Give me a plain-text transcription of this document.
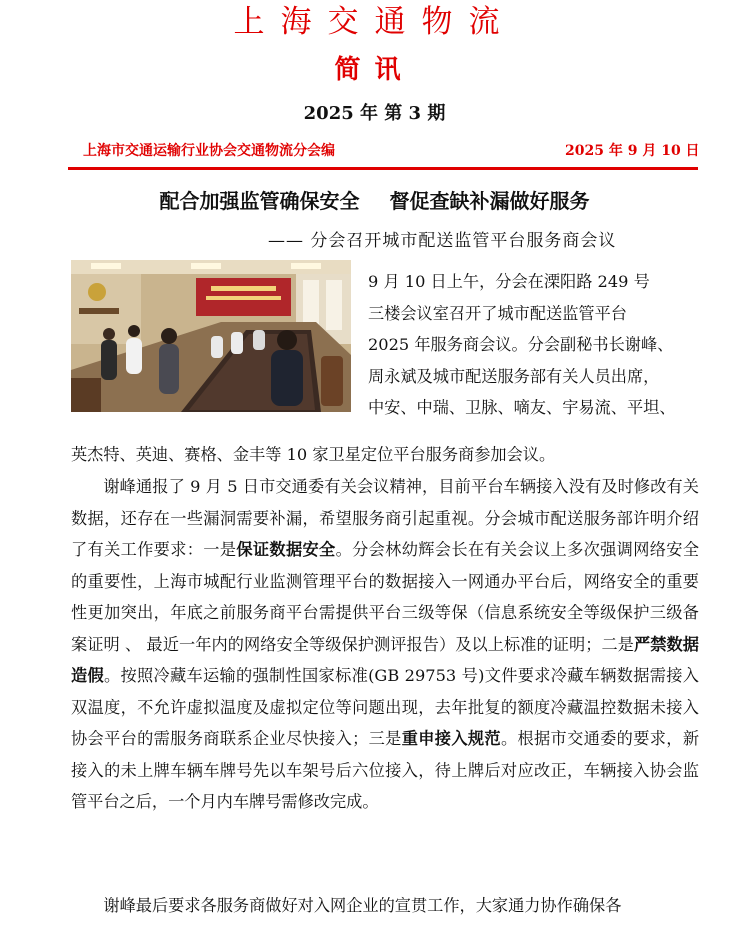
上海交通物流
简讯
2025 年 第 3 期
上海市交通运输行业协会交通物流分会编	2025 年 9 月 10 日
配合加强监管确保安全 督促查缺补漏做好服务
—— 分会召开城市配送监管平台服务商会议
9 月 10 日上午，分会在溧阳路 249 号
三楼会议室召开了城市配送监管平台
2025 年服务商会议。分会副秘书长谢峰、
周永斌及城市配送服务部有关人员出席，
中安、中瑞、卫脉、嘀友、宇易流、平坦、
英杰特、英迪、赛格、金丰等 10 家卫星定位平台服务商参加会议。
谢峰通报了 9 月 5 日市交通委有关会议精神，目前平台车辆接入没有及时修改有关数据，还存在一些漏洞需要补漏，希望服务商引起重视。分会城市配送服务部许明介绍了有关工作要求：一是保证数据安全。分会林幼辉会长在有关会议上多次强调网络安全的重要性，上海市城配行业监测管理平台的数据接入一网通办平台后，网络安全的重要性更加突出，年底之前服务商平台需提供平台三级等保（信息系统安全等级保护三级备案证明 、 最近一年内的网络安全等级保护测评报告）及以上标准的证明；二是严禁数据造假。按照冷藏车运输的强制性国家标准(GB 29753 号)文件要求冷藏车辆数据需接入双温度，不允许虚拟温度及虚拟定位等问题出现，去年批复的额度冷藏温控数据未接入协会平台的需服务商联系企业尽快接入；三是重申接入规范。根据市交通委的要求，新接入的未上牌车辆车牌号先以车架号后六位接入，待上牌后对应改正，车辆接入协会监管平台之后，一个月内车牌号需修改完成。
谢峰最后要求各服务商做好对入网企业的宣贯工作，大家通力协作确保各
